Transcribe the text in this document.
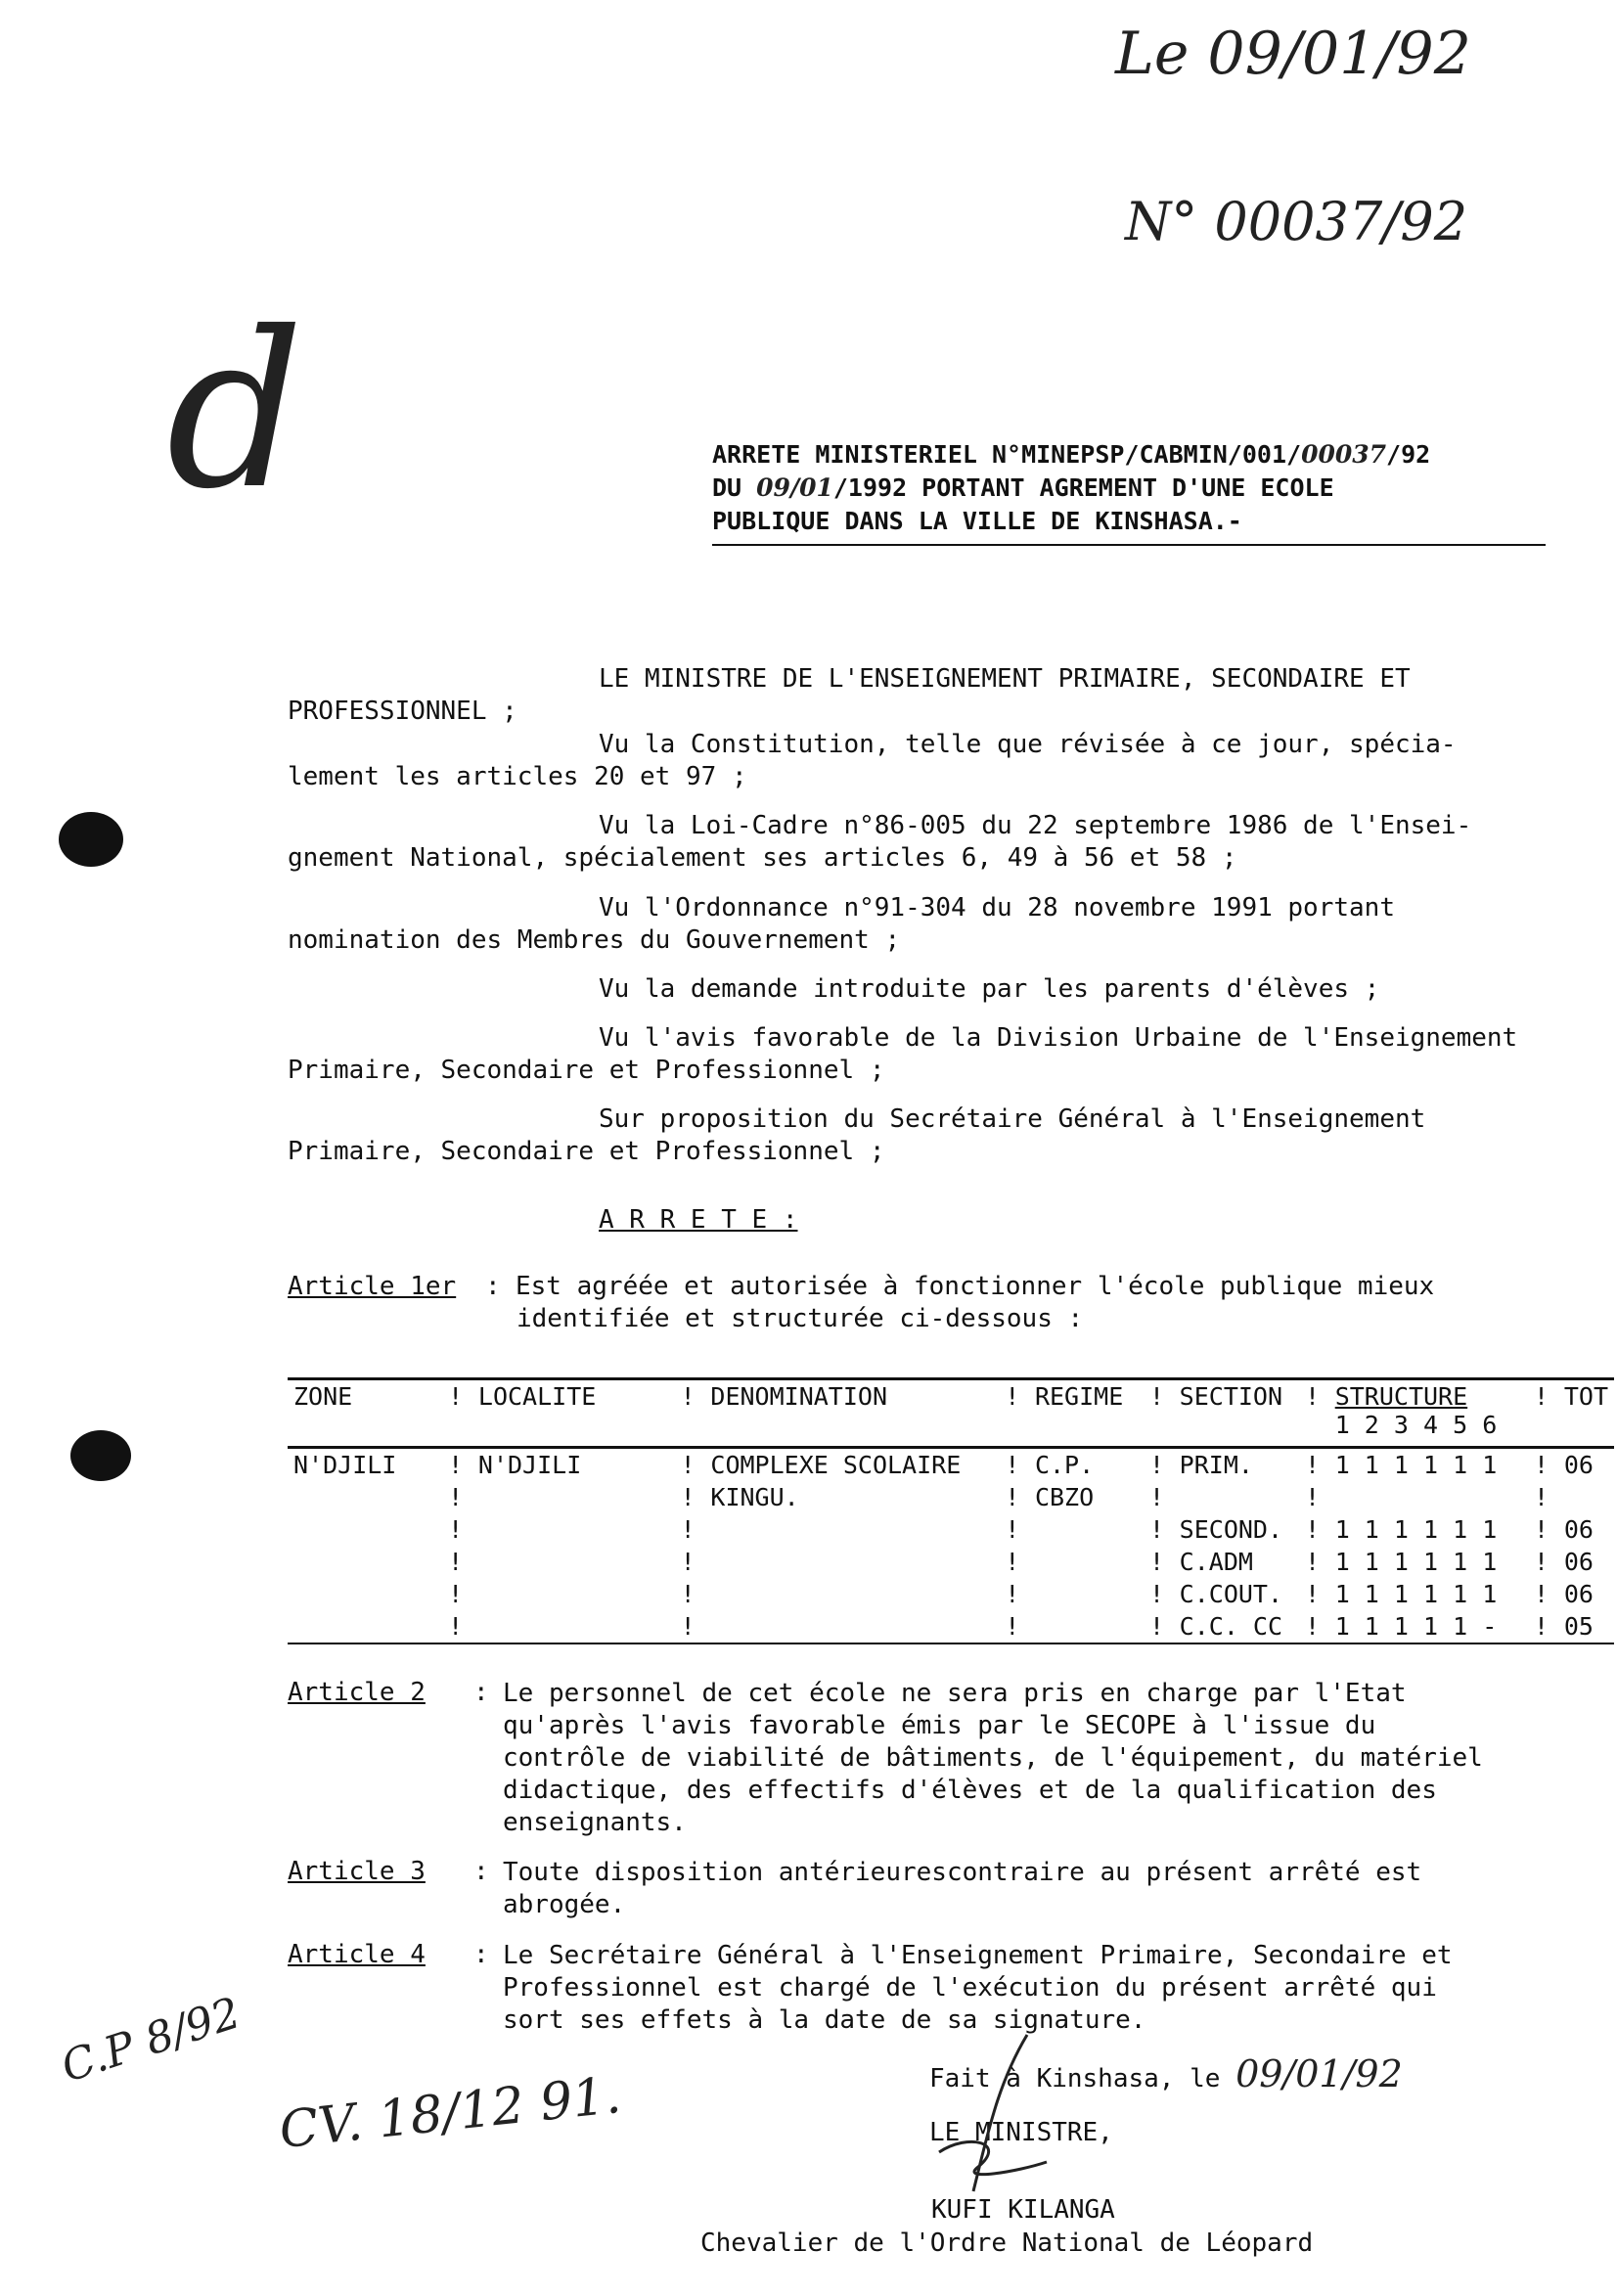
Le 09/01/92
N° 00037/92
d
C.P 8/92
CV. 18/12 91.
ARRETE MINISTERIEL N°MINEPSP/CABMIN/001/00037/92
DU 09/01/1992 PORTANT AGREMENT D'UNE ECOLE
PUBLIQUE DANS LA VILLE DE KINSHASA.-
LE MINISTRE DE L'ENSEIGNEMENT PRIMAIRE, SECONDAIRE ET
PROFESSIONNEL ;
Vu la Constitution, telle que révisée à ce jour, spécia-
lement les articles 20 et 97 ;
Vu la Loi-Cadre n°86-005 du 22 septembre 1986 de l'Ensei-
gnement National, spécialement ses articles 6, 49 à 56 et 58 ;
Vu l'Ordonnance n°91-304 du 28 novembre 1991 portant
nomination des Membres du Gouvernement ;
Vu la demande introduite par les parents d'élèves ;
Vu l'avis favorable de la Division Urbaine de l'Enseignement
Primaire, Secondaire et Professionnel ;
Sur proposition du Secrétaire Général à l'Enseignement
Primaire, Secondaire et Professionnel ;
A R R E T E :
Article 1er : Est agréée et autorisée à fonctionner l'école publique mieux
identifiée et structurée ci-dessous :
ZONE	!	LOCALITE	!	DENOMINATION	!	REGIME	!	SECTION	!	STRUCTURE
1 2 3 4 5 6	!	TOT
N'DJILI	!	N'DJILI	!	COMPLEXE SCOLAIRE	!	C.P.	!	PRIM.	!	1 1 1 1 1 1	!	06
	!		!	KINGU.	!	CBZO	!		!		!	
	!		!		!		!	SECOND.	!	1 1 1 1 1 1	!	06
	!		!		!		!	C.ADM	!	1 1 1 1 1 1	!	06
	!		!		!		!	C.COUT.	!	1 1 1 1 1 1	!	06
	!		!		!		!	C.C. CC	!	1 1 1 1 1 -	!	05
Article 2 : Le personnel de cet école ne sera pris en charge par l'Etat
qu'après l'avis favorable émis par le SECOPE à l'issue du
contrôle de viabilité de bâtiments, de l'équipement, du matériel
didactique, des effectifs d'élèves et de la qualification des
enseignants.
Article 3 : Toute disposition antérieurescontraire au présent arrêté est
abrogée.
Article 4 : Le Secrétaire Général à l'Enseignement Primaire, Secondaire et
Professionnel est chargé de l'exécution du présent arrêté qui
sort ses effets à la date de sa signature.
Fait à Kinshasa, le 09/01/92
LE MINISTRE,
KUFI KILANGA
Chevalier de l'Ordre National de Léopard
